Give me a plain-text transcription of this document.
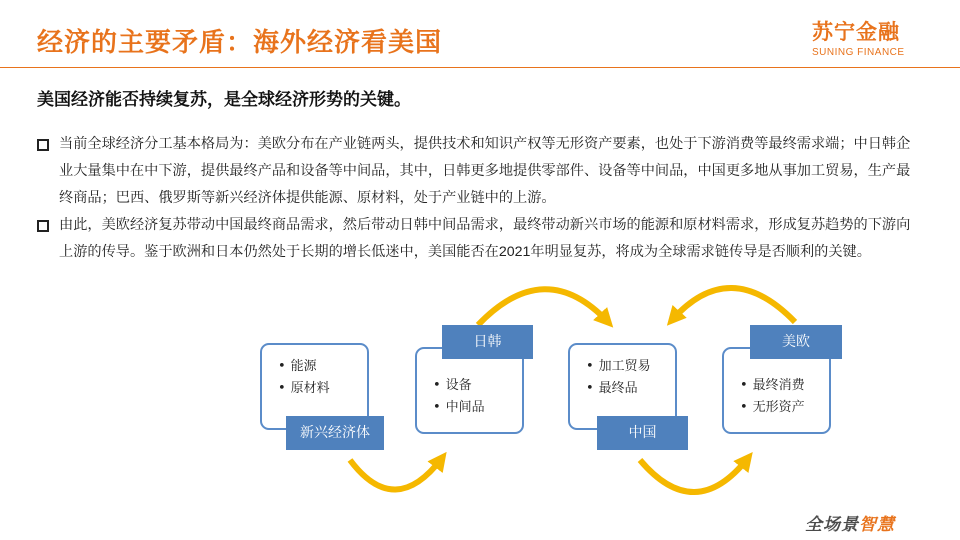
经济的主要矛盾：海外经济看美国	苏宁金融
SUNING FINANCE
美国经济能否持续复苏，是全球经济形势的关键。
当前全球经济分工基本格局为：美欧分布在产业链两头，提供技术和知识产权等无形资产要素，也处于下游消费等最终需求端；中日韩企业大量集中在中下游，提供最终产品和设备等中间品，其中，日韩更多地提供零部件、设备等中间品，中国更多地从事加工贸易，生产最终商品；巴西、俄罗斯等新兴经济体提供能源、原材料，处于产业链中的上游。
由此，美欧经济复苏带动中国最终商品需求，然后带动日韩中间品需求，最终带动新兴市场的能源和原材料需求，形成复苏趋势的下游向上游的传导。鉴于欧洲和日本仍然处于长期的增长低迷中，美国能否在2021年明显复苏，将成为全球需求链传导是否顺利的关键。
• 能源
• 原材料
新兴经济体
• 设备
• 中间品
日韩
• 加工贸易
• 最终品
中国
• 最终消费
• 无形资产
美欧
全场景智慧
